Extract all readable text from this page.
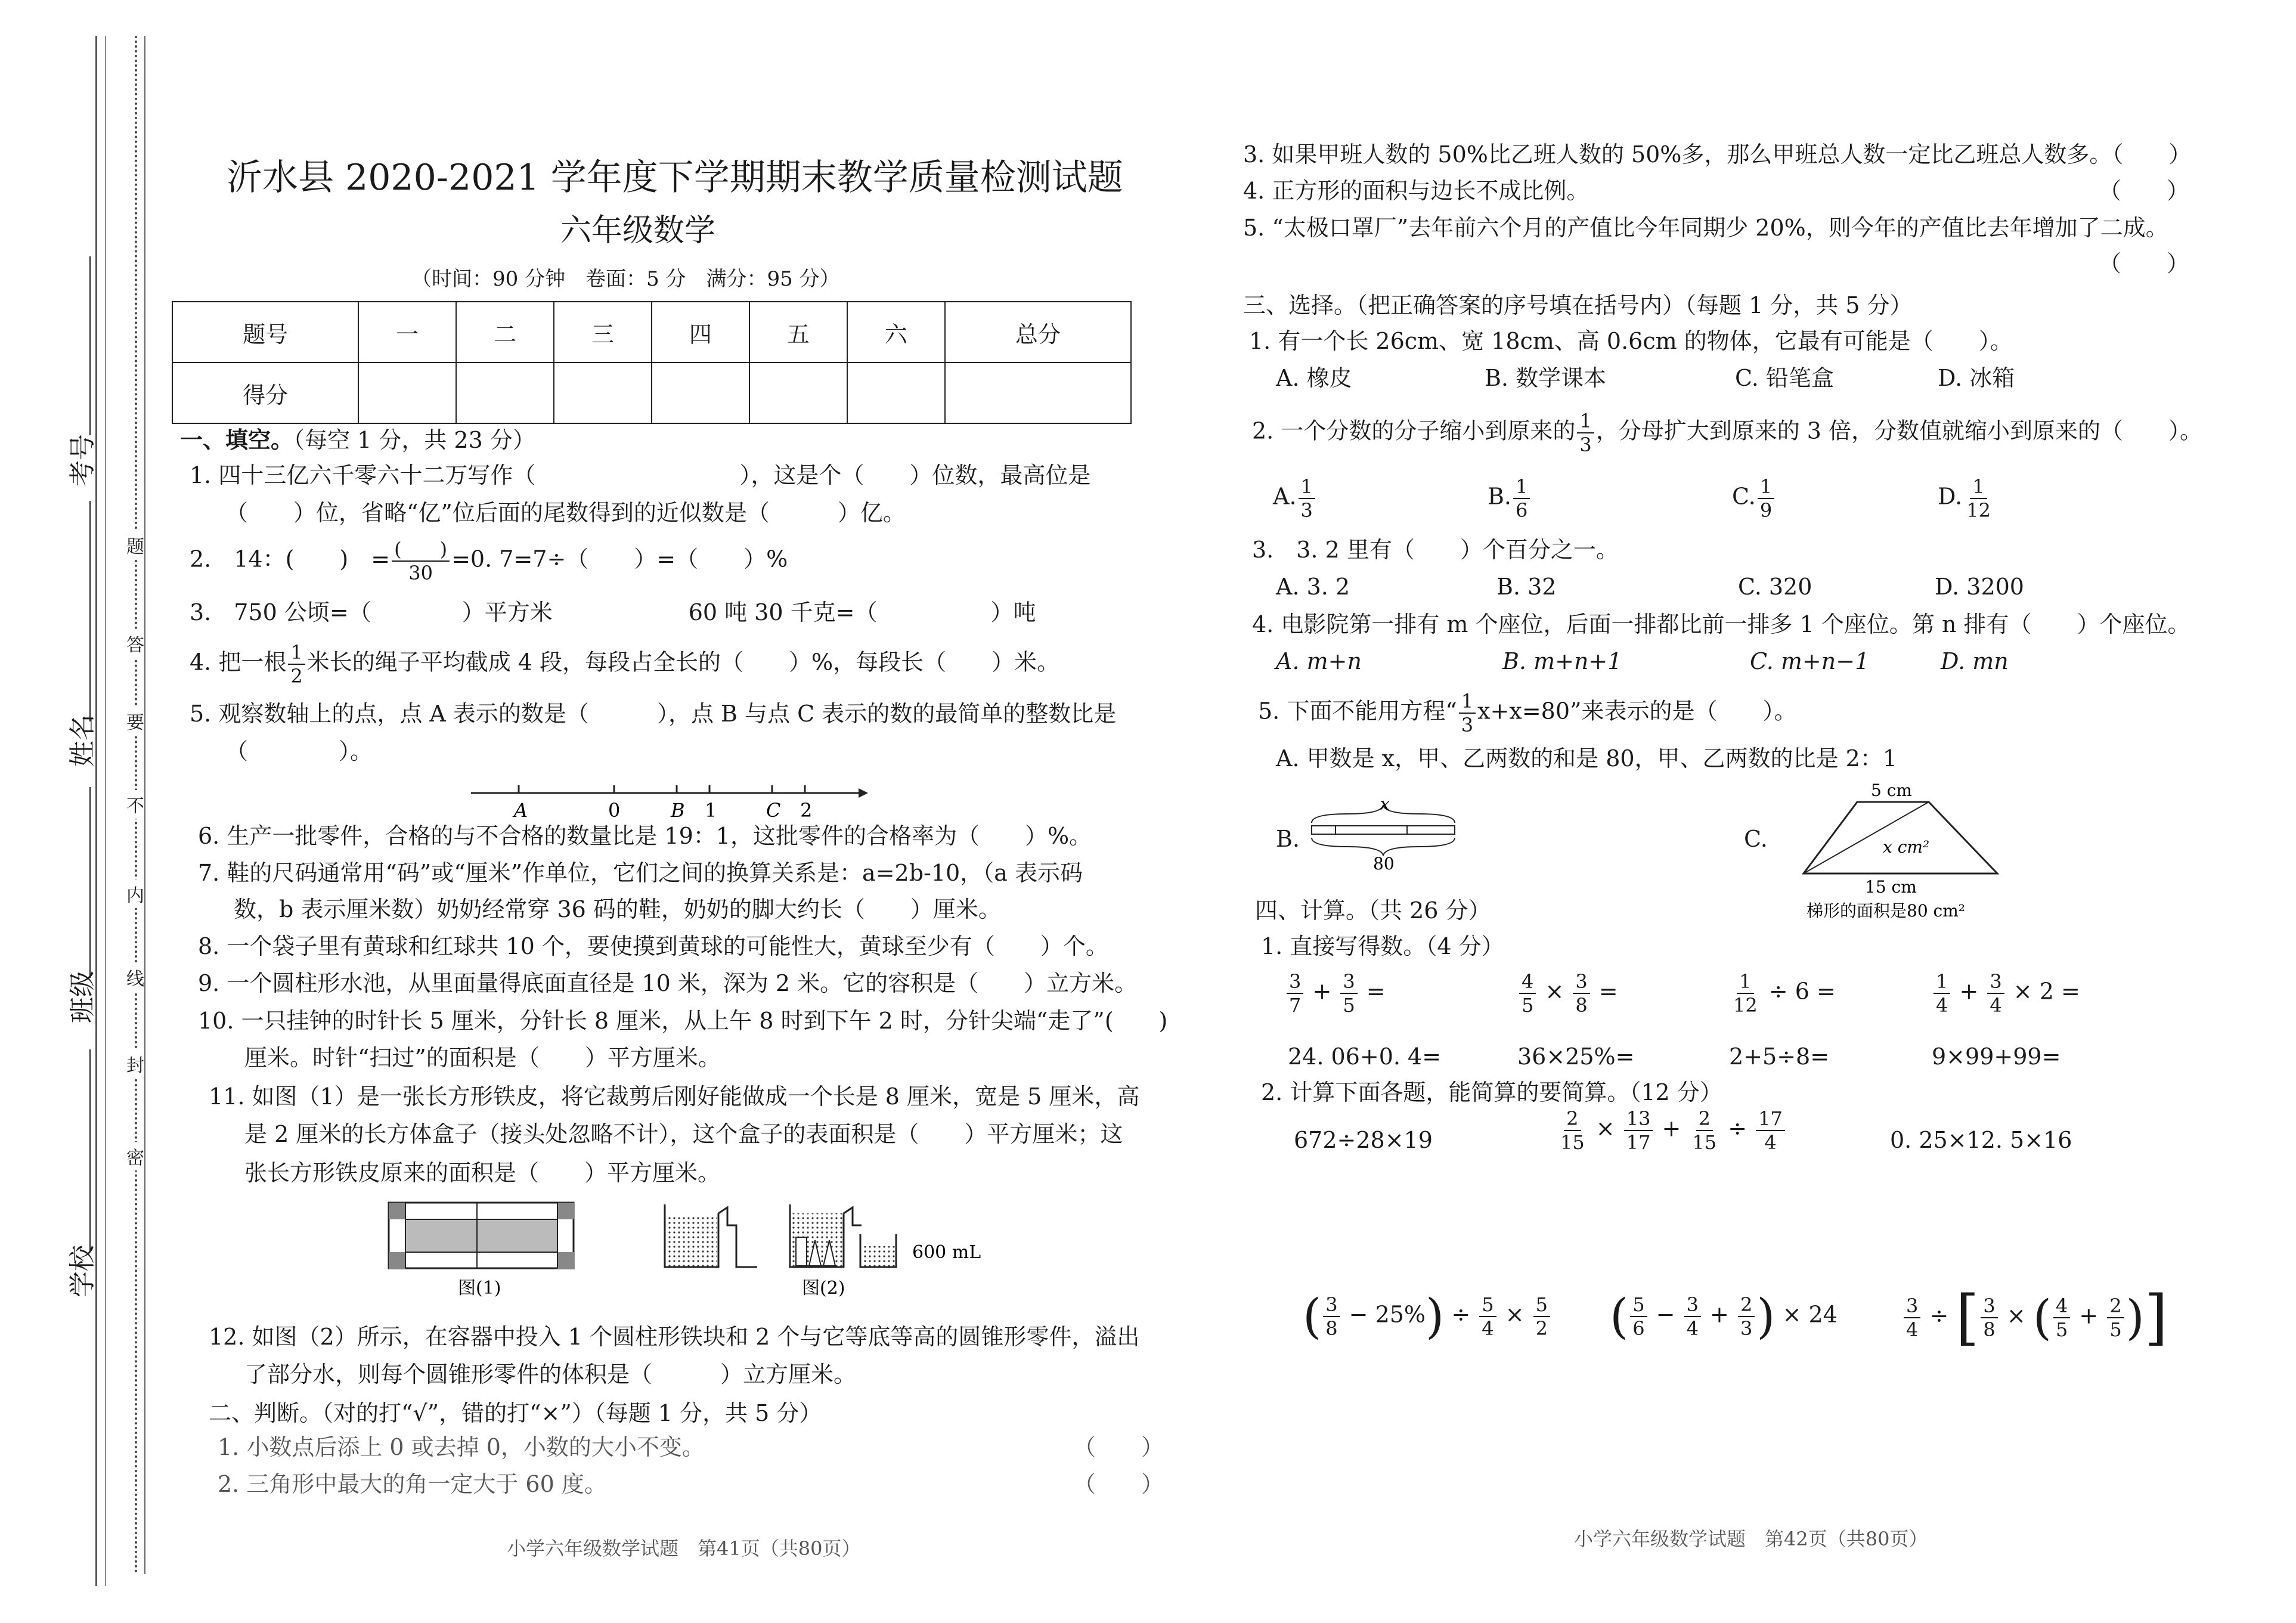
考号
姓名
班级
学校
题
答
要
不
内
线
封
密
沂水县 2020-2021 学年度下学期期末教学质量检测试题
六年级数学
（时间：90 分钟　卷面：5 分　满分：95 分）
题号	一	二	三	四	五	六	总分
得分							
一、填空。（每空 1 分，共 23 分）
1. 四十三亿六千零六十二万写作（　　　　　　　　　），这是个（　　）位数，最高位是
（　　）位，省略“亿”位后面的尾数得到的近似数是（　　　）亿。
2.　14：(　　)　= (　　)
30
=0. 7=7÷（　　）=（　　）%
3.　750 公顷=（　　　　）平方米　　　　　　60 吨 30 千克=（　　　　　）吨
4. 把一根 $\frac{1}{2}$ 米长的绳子平均截成 4 段，每段占全长的（　　）%，每段长（　　）米。
5. 观察数轴上的点，点 A 表示的数是（　　　），点 B 与点 C 表示的数的最简单的整数比是
（　　　　）。
A	0	B 1	C 2
6. 生产一批零件，合格的与不合格的数量比是 19：1，这批零件的合格率为（　　）%。
7. 鞋的尺码通常用“码”或“厘米”作单位，它们之间的换算关系是：a=2b-10，（a 表示码
数，b 表示厘米数）奶奶经常穿 36 码的鞋，奶奶的脚大约长（　　）厘米。
8. 一个袋子里有黄球和红球共 10 个，要使摸到黄球的可能性大，黄球至少有（　　）个。
9. 一个圆柱形水池，从里面量得底面直径是 10 米，深为 2 米。它的容积是（　　）立方米。
10. 一只挂钟的时针长 5 厘米，分针长 8 厘米，从上午 8 时到下午 2 时，分针尖端“走了”(　　)
厘米。时针“扫过”的面积是（　　）平方厘米。
11. 如图（1）是一张长方形铁皮，将它裁剪后刚好能做成一个长是 8 厘米，宽是 5 厘米，高
是 2 厘米的长方体盒子（接头处忽略不计），这个盒子的表面积是（　　）平方厘米；这
张长方形铁皮原来的面积是（　　）平方厘米。
图(1)
600 mL
图(2)
12. 如图（2）所示，在容器中投入 1 个圆柱形铁块和 2 个与它等底等高的圆锥形零件，溢出
了部分水，则每个圆锥形零件的体积是（　　　）立方厘米。
二、判断。（对的打“√”，错的打“×”）（每题 1 分，共 5 分）
1. 小数点后添上 0 或去掉 0，小数的大小不变。	（　　）
2. 三角形中最大的角一定大于 60 度。	（　　）
小学六年级数学试题　第41页（共80页）
3. 如果甲班人数的 50%比乙班人数的 50%多，那么甲班总人数一定比乙班总人数多。（　　）
4. 正方形的面积与边长不成比例。	（　　）
5. “太极口罩厂”去年前六个月的产值比今年同期少 20%，则今年的产值比去年增加了二成。
（　　）
三、选择。（把正确答案的序号填在括号内）（每题 1 分，共 5 分）
1. 有一个长 26cm、宽 18cm、高 0.6cm 的物体，它最有可能是（　　）。
A. 橡皮	B. 数学课本	C. 铅笔盒	D. 冰箱
2. 一个分数的分子缩小到原来的 $\frac{1}{3}$ ，分母扩大到原来的 3 倍，分数值就缩小到原来的（　　）。
A. $\frac{1}{3}$	B. $\frac{1}{6}$	C. $\frac{1}{9}$	D. $\frac{1}{12}$
3.　3. 2 里有（　　）个百分之一。
A. 3. 2	B. 32	C. 320	D. 3200
4. 电影院第一排有 m 个座位，后面一排都比前一排多 1 个座位。第 n 排有（　　）个座位。
A. m+n	B. m+n+1	C. m+n−1	D. mn
5. 下面不能用方程“ $\frac{1}{3} x+x=80$”来表示的是（　　）。
A. 甲数是 x，甲、乙两数的和是 80，甲、乙两数的比是 2：1
B.
x
80
C.
5 cm
x cm²
15 cm
梯形的面积是80 cm²
四、计算。（共 26 分）
1. 直接写得数。（4 分）
$\frac{3}{7} + \frac{3}{5}$ =	$\frac{4}{5} \times \frac{3}{8}$ =	$\frac{1}{12} \div 6$ =	$\frac{1}{4} + \frac{3}{4} \times 2$ =
24. 06+0. 4=	36×25%=	2+5÷8=	9×99+99=
2. 计算下面各题，能简算的要简算。（12 分）
672÷28×19	$\frac{2}{15} \times \frac{13}{17} + \frac{2}{15} \div \frac{17}{4}$	0. 25×12. 5×16
( $\frac{3}{8} - 25\%) \div \frac{5}{4} \times \frac{5}{2}$ ( $\frac{5}{6} - \frac{3}{4} + \frac{2}{3}$ ) × 24	$\frac{3}{4}$ ÷ [ $\frac{3}{8}$ × ( $\frac{4}{5} + \frac{2}{5}$ )]
小学六年级数学试题　第42页（共80页）
